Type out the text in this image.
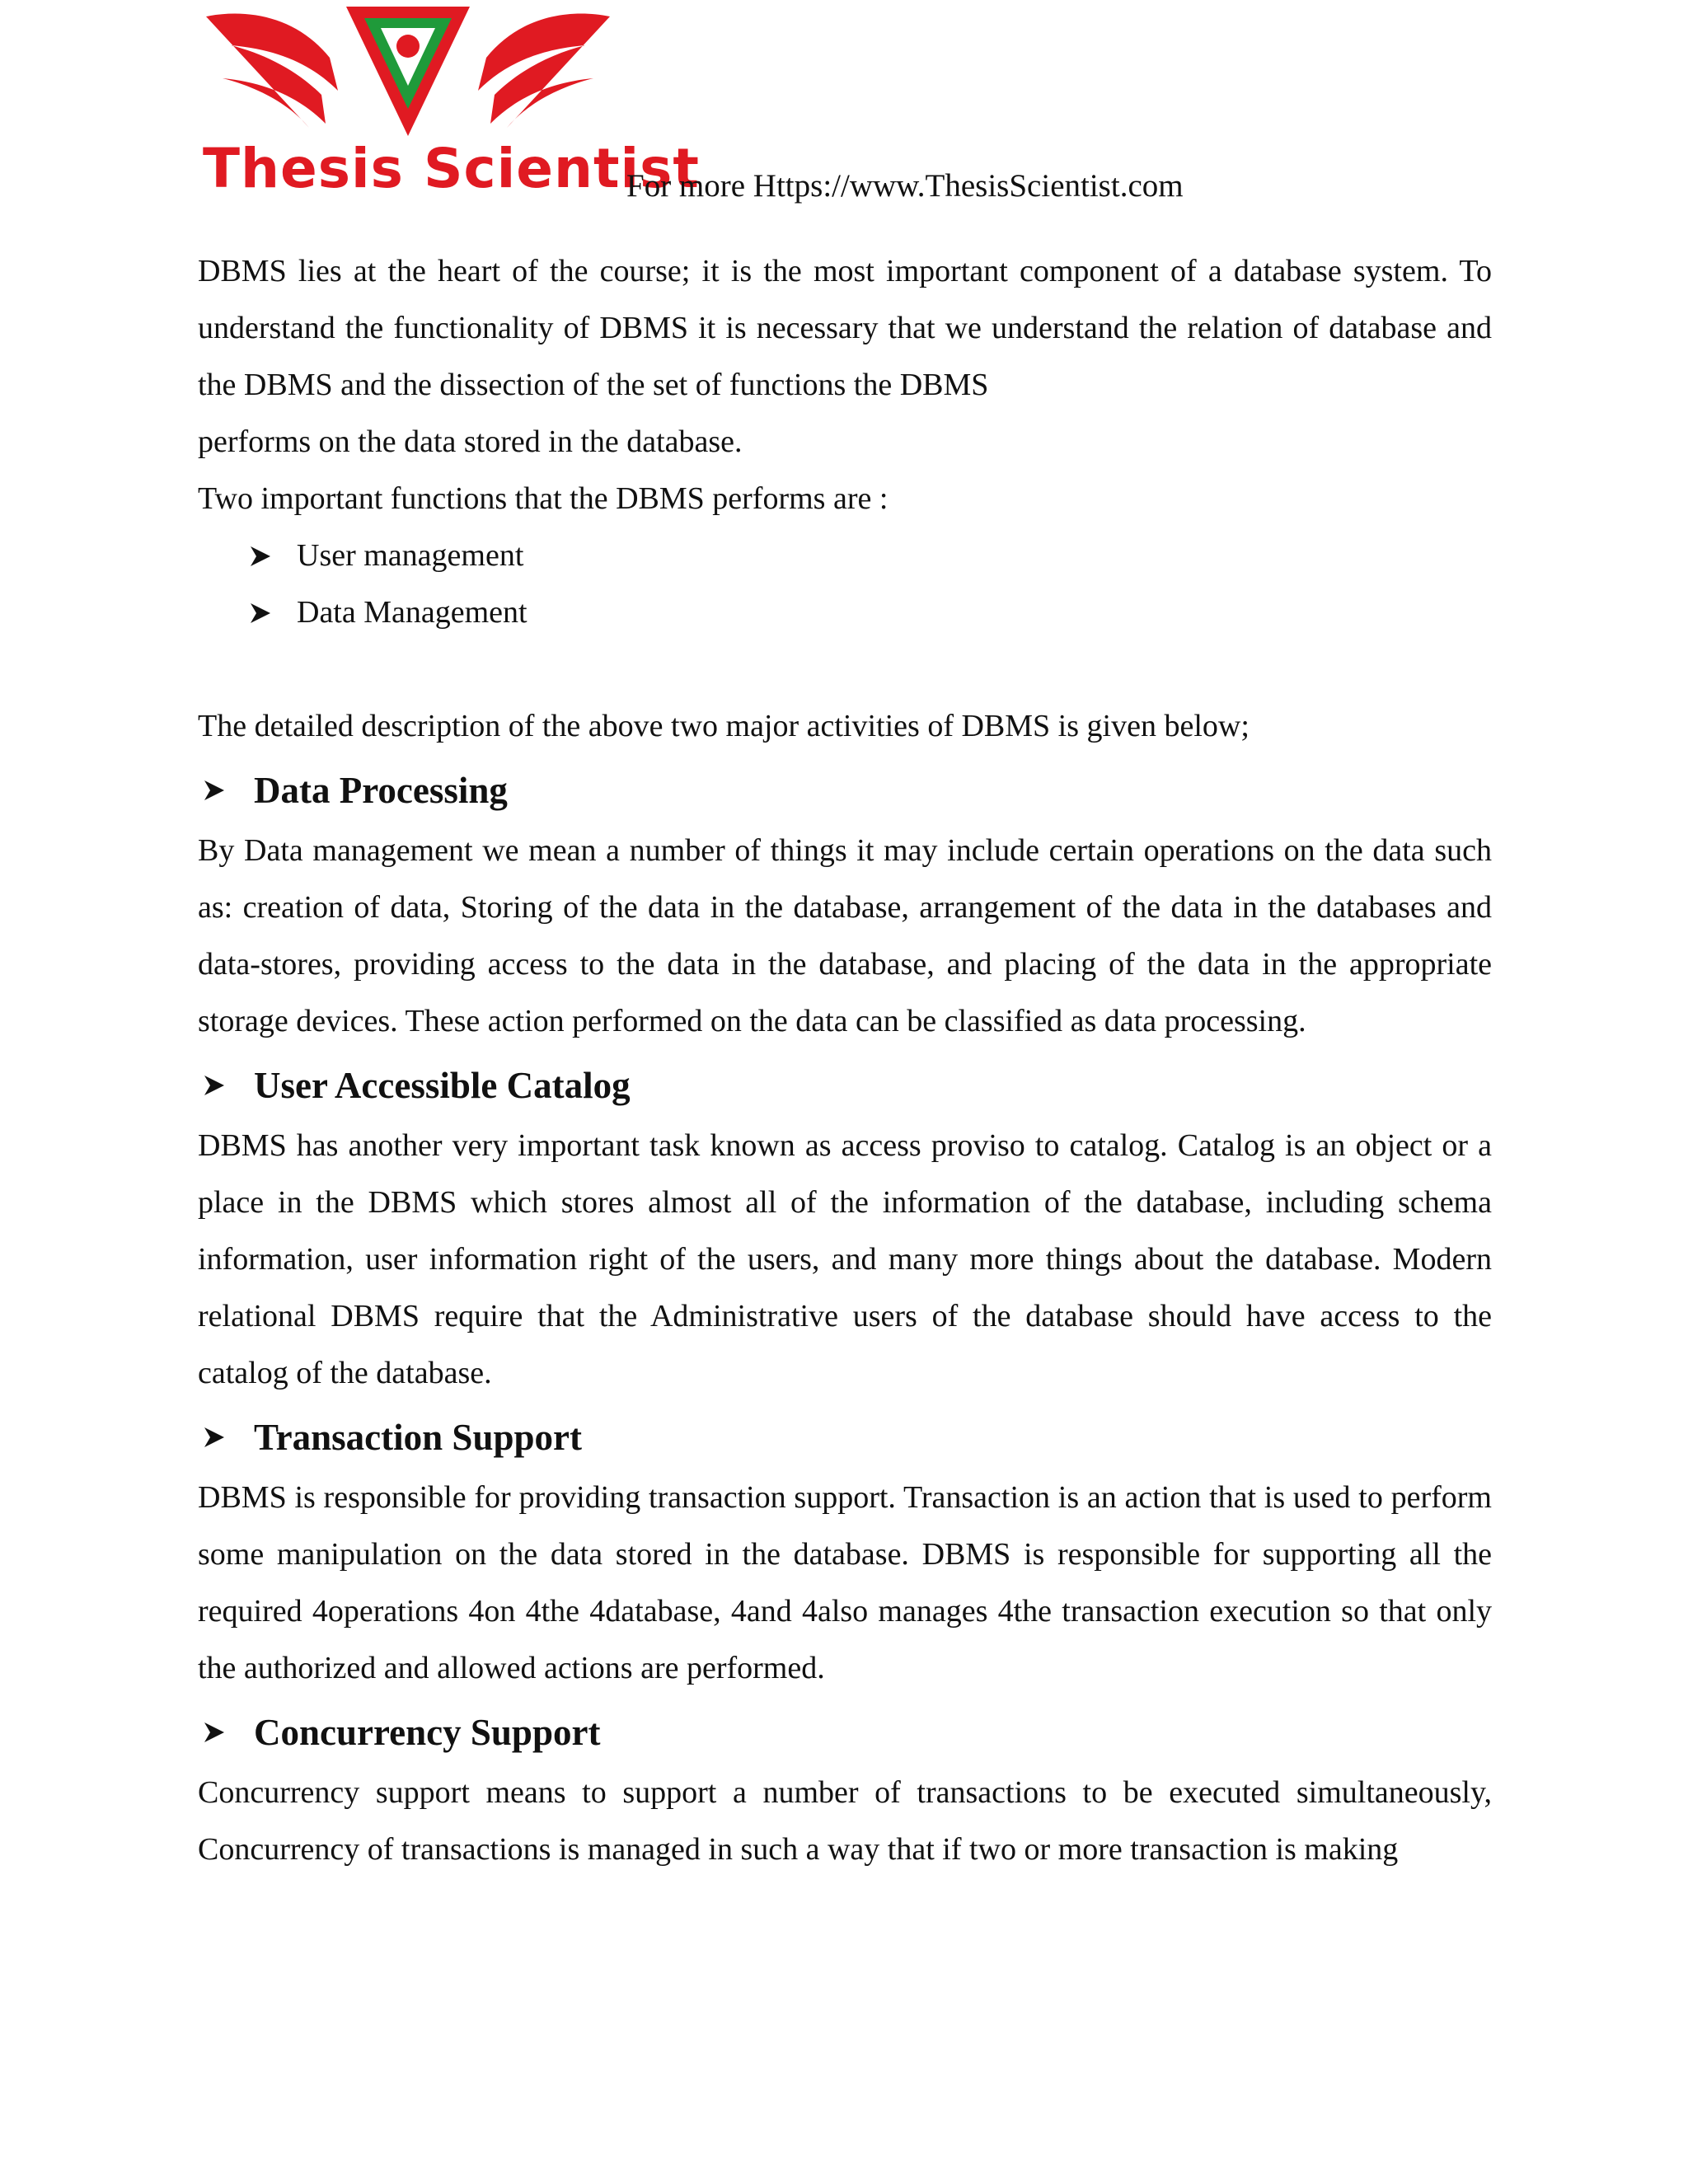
Thesis Scientist
For more Https://www.ThesisScientist.com

DBMS lies at the heart of the course; it is the most important component of a database system. To understand the functionality of DBMS it is necessary that we understand the relation of database and the DBMS and the dissection of the set of functions the DBMS

performs on the data stored in the database.

Two important functions that the DBMS performs are :

User management
Data Management

The detailed description of the above two major activities of DBMS is given below;

Data Processing

By Data management we mean a number of things it may include certain operations on the data such as: creation of data, Storing of the data in the database, arrangement of the data in the databases and data-stores, providing access to the data in the database, and placing of the data in the appropriate storage devices. These action performed on the data can be classified as data processing.

User Accessible Catalog

DBMS has another very important task known as access proviso to catalog. Catalog is an object or a place in the DBMS which stores almost all of the information of the database, including schema information, user information right of the users, and many more things about the database. Modern relational DBMS require that the Administrative users of the database should have access to the catalog of the database.

Transaction Support

DBMS is responsible for providing transaction support. Transaction is an action that is used to perform some manipulation on the data stored in the database. DBMS is responsible for supporting all the required 4operations 4on 4the 4database, 4and 4also manages 4the transaction execution so that only the authorized and allowed actions are performed.

Concurrency Support

Concurrency support means to support a number of transactions to be executed simultaneously, Concurrency of transactions is managed in such a way that if two or more transaction is making
